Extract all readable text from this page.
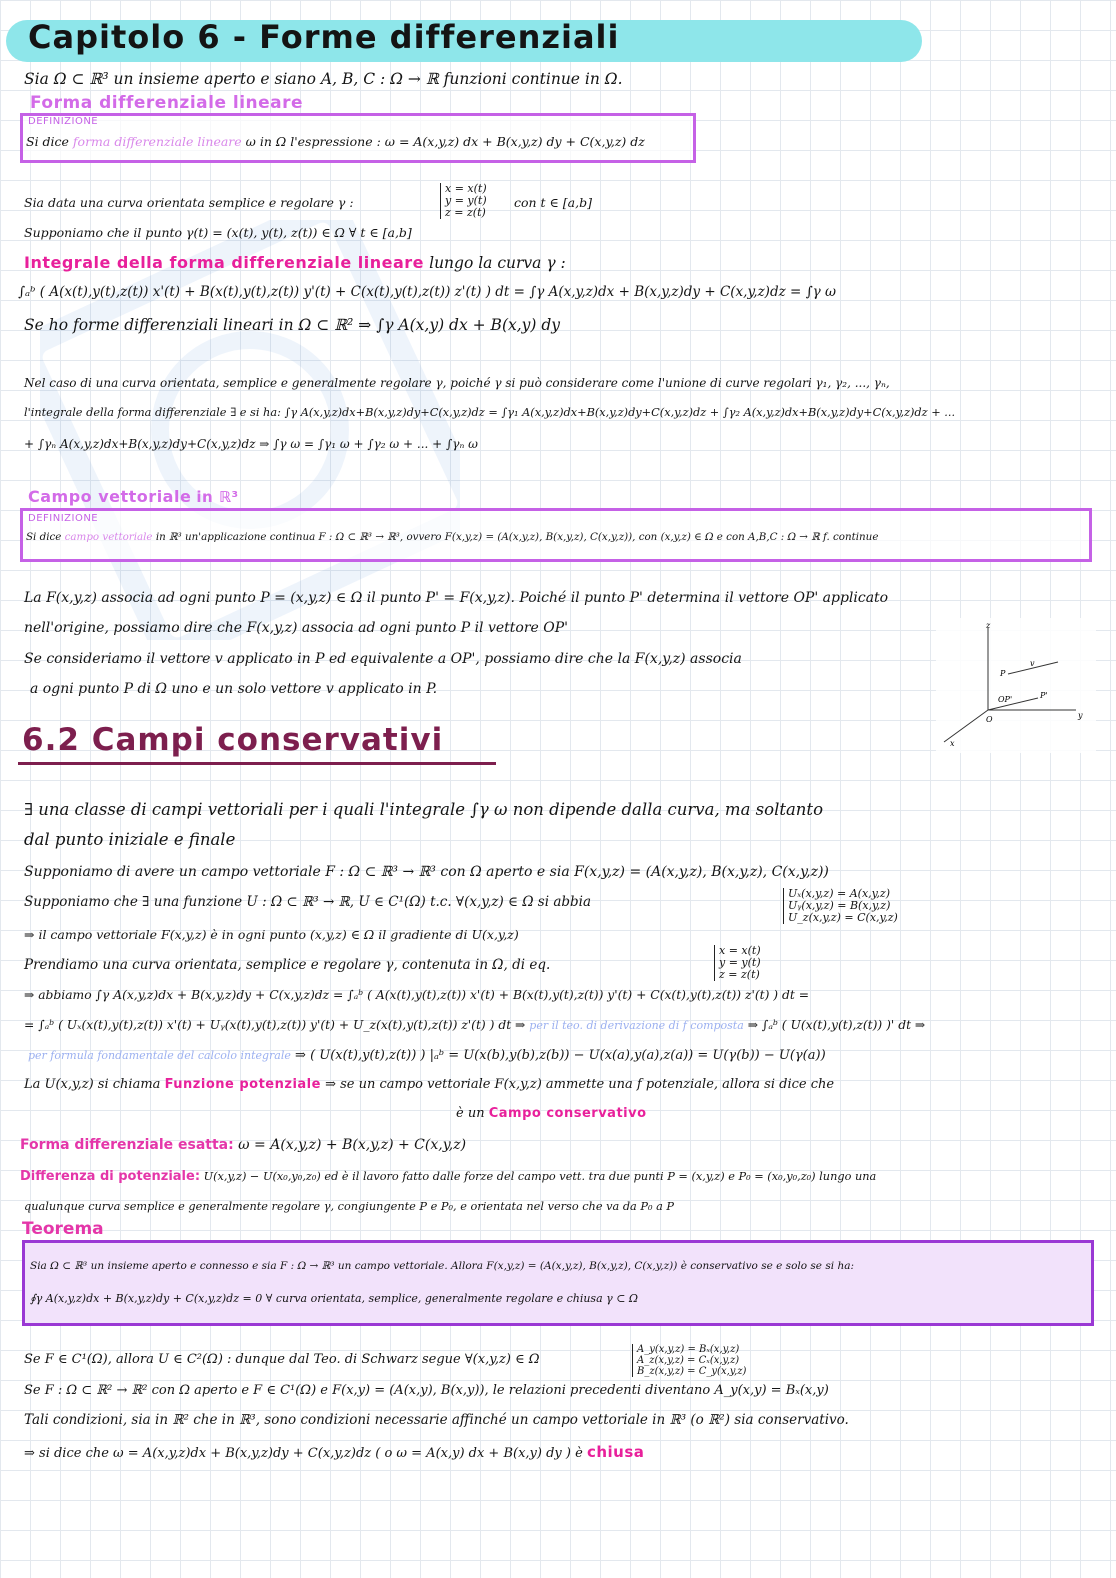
Capitolo 6 - Forme differenziali
Sia Ω ⊂ ℝ³ un insieme aperto e siano A, B, C : Ω → ℝ funzioni continue in Ω.
Forma differenziale lineare
DEFINIZIONE
Si dice forma differenziale lineare ω in Ω l'espressione : ω = A(x,y,z) dx + B(x,y,z) dy + C(x,y,z) dz
Sia data una curva orientata semplice e regolare γ :
x = x(t)
y = y(t)
z = z(t)
con t ∈ [a,b]
Supponiamo che il punto γ(t) = (x(t), y(t), z(t)) ∈ Ω ∀ t ∈ [a,b]
Integrale della forma differenziale lineare lungo la curva γ :
∫ₐᵇ ( A(x(t),y(t),z(t)) x'(t) + B(x(t),y(t),z(t)) y'(t) + C(x(t),y(t),z(t)) z'(t) ) dt = ∫γ A(x,y,z)dx + B(x,y,z)dy + C(x,y,z)dz = ∫γ ω
Se ho forme differenziali lineari in Ω ⊂ ℝ² ⇒ ∫γ A(x,y) dx + B(x,y) dy
Nel caso di una curva orientata, semplice e generalmente regolare γ, poiché γ si può considerare come l'unione di curve regolari γ₁, γ₂, ..., γₙ,
l'integrale della forma differenziale ∃ e si ha: ∫γ A(x,y,z)dx+B(x,y,z)dy+C(x,y,z)dz = ∫γ₁ A(x,y,z)dx+B(x,y,z)dy+C(x,y,z)dz + ∫γ₂ A(x,y,z)dx+B(x,y,z)dy+C(x,y,z)dz + ...
+ ∫γₙ A(x,y,z)dx+B(x,y,z)dy+C(x,y,z)dz ⇒ ∫γ ω = ∫γ₁ ω + ∫γ₂ ω + ... + ∫γₙ ω
Campo vettoriale in ℝ³
DEFINIZIONE
Si dice campo vettoriale in ℝ³ un'applicazione continua F : Ω ⊂ ℝ³ → ℝ³, ovvero F(x,y,z) = (A(x,y,z), B(x,y,z), C(x,y,z)), con (x,y,z) ∈ Ω e con A,B,C : Ω → ℝ f. continue
La F(x,y,z) associa ad ogni punto P = (x,y,z) ∈ Ω il punto P' = F(x,y,z). Poiché il punto P' determina il vettore OP' applicato
nell'origine, possiamo dire che F(x,y,z) associa ad ogni punto P il vettore OP'
Se consideriamo il vettore v applicato in P ed equivalente a OP', possiamo dire che la F(x,y,z) associa
a ogni punto P di Ω uno e un solo vettore v applicato in P.
z
y
x
O
P
P'
v
OP'
6.2 Campi conservativi
∃ una classe di campi vettoriali per i quali l'integrale ∫γ ω non dipende dalla curva, ma soltanto
dal punto iniziale e finale
Supponiamo di avere un campo vettoriale F : Ω ⊂ ℝ³ → ℝ³ con Ω aperto e sia F(x,y,z) = (A(x,y,z), B(x,y,z), C(x,y,z))
Supponiamo che ∃ una funzione U : Ω ⊂ ℝ³ → ℝ, U ∈ C¹(Ω) t.c. ∀(x,y,z) ∈ Ω si abbia
Uₓ(x,y,z) = A(x,y,z)
Uᵧ(x,y,z) = B(x,y,z)
U_z(x,y,z) = C(x,y,z)
⇒ il campo vettoriale F(x,y,z) è in ogni punto (x,y,z) ∈ Ω il gradiente di U(x,y,z)
Prendiamo una curva orientata, semplice e regolare γ, contenuta in Ω, di eq.
x = x(t)
y = y(t)
z = z(t)
⇒ abbiamo ∫γ A(x,y,z)dx + B(x,y,z)dy + C(x,y,z)dz = ∫ₐᵇ ( A(x(t),y(t),z(t)) x'(t) + B(x(t),y(t),z(t)) y'(t) + C(x(t),y(t),z(t)) z'(t) ) dt =
= ∫ₐᵇ ( Uₓ(x(t),y(t),z(t)) x'(t) + Uᵧ(x(t),y(t),z(t)) y'(t) + U_z(x(t),y(t),z(t)) z'(t) ) dt ⇒ per il teo. di derivazione di f composta ⇒ ∫ₐᵇ ( U(x(t),y(t),z(t)) )' dt ⇒
per formula fondamentale del calcolo integrale ⇒ ( U(x(t),y(t),z(t)) ) |ₐᵇ = U(x(b),y(b),z(b)) − U(x(a),y(a),z(a)) = U(γ(b)) − U(γ(a))
La U(x,y,z) si chiama Funzione potenziale ⇒ se un campo vettoriale F(x,y,z) ammette una f potenziale, allora si dice che
è un Campo conservativo
Forma differenziale esatta: ω = A(x,y,z) + B(x,y,z) + C(x,y,z)
Differenza di potenziale: U(x,y,z) − U(x₀,y₀,z₀) ed è il lavoro fatto dalle forze del campo vett. tra due punti P = (x,y,z) e P₀ = (x₀,y₀,z₀) lungo una
qualunque curva semplice e generalmente regolare γ, congiungente P e P₀, e orientata nel verso che va da P₀ a P
Teorema
Sia Ω ⊂ ℝ³ un insieme aperto e connesso e sia F : Ω → ℝ³ un campo vettoriale. Allora F(x,y,z) = (A(x,y,z), B(x,y,z), C(x,y,z)) è conservativo se e solo se si ha:
∮γ A(x,y,z)dx + B(x,y,z)dy + C(x,y,z)dz = 0 ∀ curva orientata, semplice, generalmente regolare e chiusa γ ⊂ Ω
Se F ∈ C¹(Ω), allora U ∈ C²(Ω) : dunque dal Teo. di Schwarz segue ∀(x,y,z) ∈ Ω
A_y(x,y,z) = Bₓ(x,y,z)
A_z(x,y,z) = Cₓ(x,y,z)
B_z(x,y,z) = C_y(x,y,z)
Se F : Ω ⊂ ℝ² → ℝ² con Ω aperto e F ∈ C¹(Ω) e F(x,y) = (A(x,y), B(x,y)), le relazioni precedenti diventano A_y(x,y) = Bₓ(x,y)
Tali condizioni, sia in ℝ² che in ℝ³, sono condizioni necessarie affinché un campo vettoriale in ℝ³ (o ℝ²) sia conservativo.
⇒ si dice che ω = A(x,y,z)dx + B(x,y,z)dy + C(x,y,z)dz ( o ω = A(x,y) dx + B(x,y) dy ) è chiusa
